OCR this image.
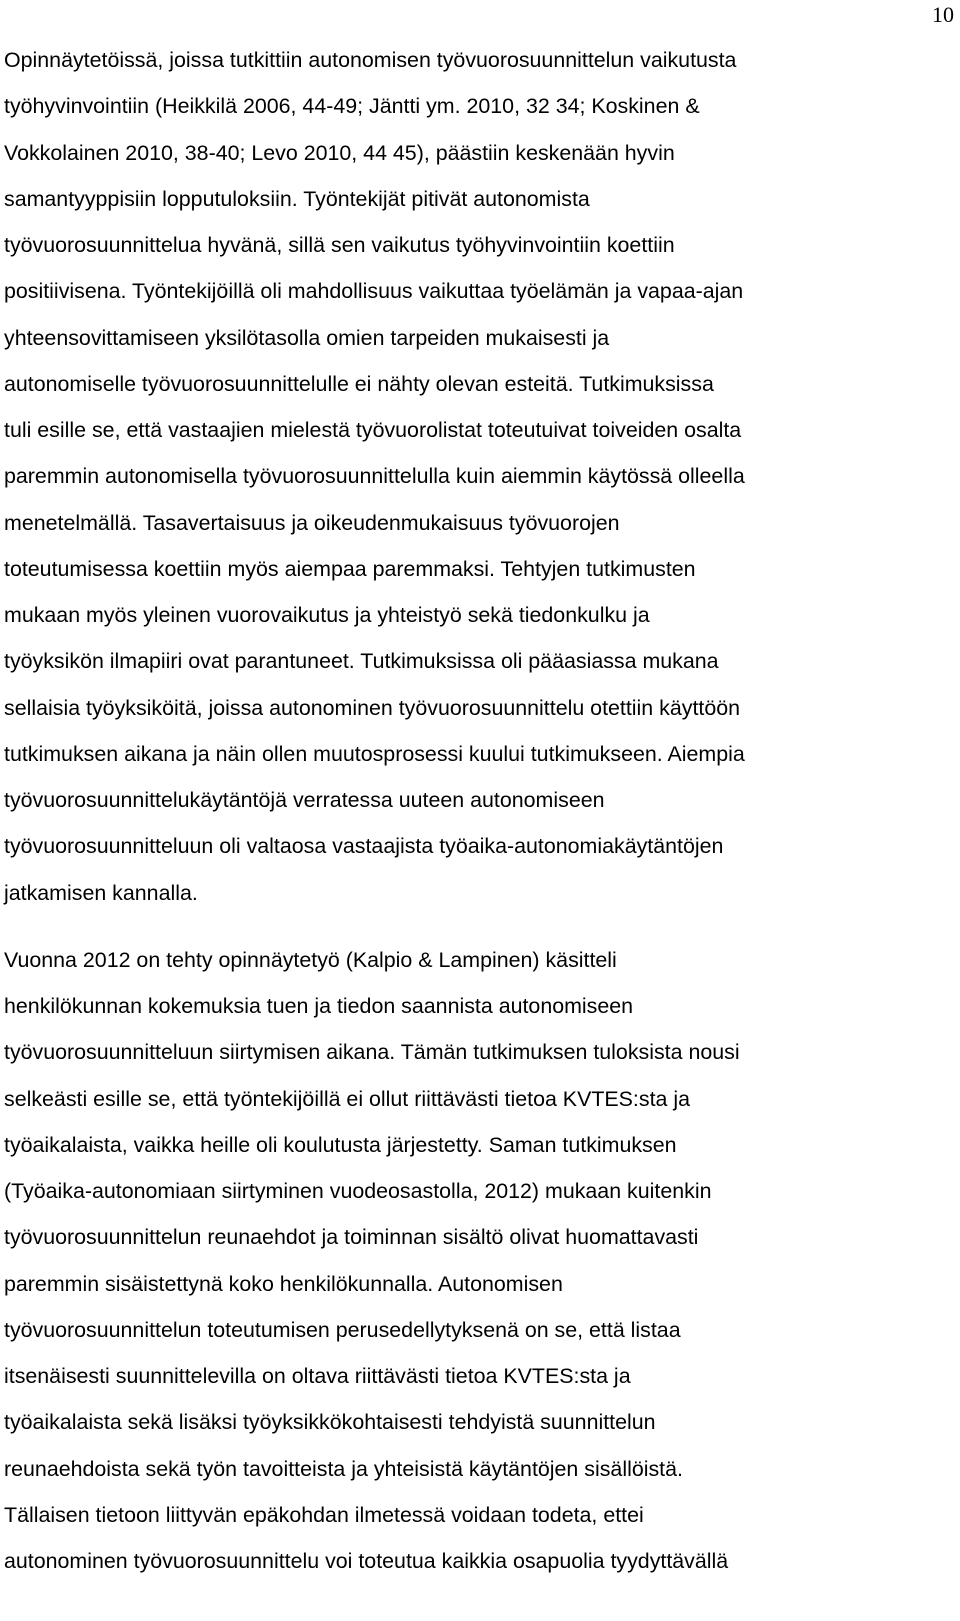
10

Opinnäytetöissä, joissa tutkittiin autonomisen työvuorosuunnittelun vaikutusta
työhyvinvointiin (Heikkilä 2006, 44-49; Jäntti ym. 2010, 32 34; Koskinen &
Vokkolainen 2010, 38-40; Levo 2010, 44 45), päästiin keskenään hyvin
samantyyppisiin lopputuloksiin. Työntekijät pitivät autonomista
työvuorosuunnittelua hyvänä, sillä sen vaikutus työhyvinvointiin koettiin
positiivisena. Työntekijöillä oli mahdollisuus vaikuttaa työelämän ja vapaa-ajan
yhteensovittamiseen yksilötasolla omien tarpeiden mukaisesti ja
autonomiselle työvuorosuunnittelulle ei nähty olevan esteitä. Tutkimuksissa
tuli esille se, että vastaajien mielestä työvuorolistat toteutuivat toiveiden osalta
paremmin autonomisella työvuorosuunnittelulla kuin aiemmin käytössä olleella
menetelmällä. Tasavertaisuus ja oikeudenmukaisuus työvuorojen
toteutumisessa koettiin myös aiempaa paremmaksi. Tehtyjen tutkimusten
mukaan myös yleinen vuorovaikutus ja yhteistyö sekä tiedonkulku ja
työyksikön ilmapiiri ovat parantuneet. Tutkimuksissa oli pääasiassa mukana
sellaisia työyksiköitä, joissa autonominen työvuorosuunnittelu otettiin käyttöön
tutkimuksen aikana ja näin ollen muutosprosessi kuului tutkimukseen. Aiempia
työvuorosuunnittelukäytäntöjä verratessa uuteen autonomiseen
työvuorosuunnitteluun oli valtaosa vastaajista työaika-autonomiakäytäntöjen
jatkamisen kannalla.

Vuonna 2012 on tehty opinnäytetyö (Kalpio & Lampinen) käsitteli
henkilökunnan kokemuksia tuen ja tiedon saannista autonomiseen
työvuorosuunnitteluun siirtymisen aikana. Tämän tutkimuksen tuloksista nousi
selkeästi esille se, että työntekijöillä ei ollut riittävästi tietoa KVTES:sta ja
työaikalaista, vaikka heille oli koulutusta järjestetty. Saman tutkimuksen
(Työaika-autonomiaan siirtyminen vuodeosastolla, 2012) mukaan kuitenkin
työvuorosuunnittelun reunaehdot ja toiminnan sisältö olivat huomattavasti
paremmin sisäistettynä koko henkilökunnalla. Autonomisen
työvuorosuunnittelun toteutumisen perusedellytyksenä on se, että listaa
itsenäisesti suunnittelevilla on oltava riittävästi tietoa KVTES:sta ja
työaikalaista sekä lisäksi työyksikkökohtaisesti tehdyistä suunnittelun
reunaehdoista sekä työn tavoitteista ja yhteisistä käytäntöjen sisällöistä.
Tällaisen tietoon liittyvän epäkohdan ilmetessä voidaan todeta, ettei
autonominen työvuorosuunnittelu voi toteutua kaikkia osapuolia tyydyttävällä
